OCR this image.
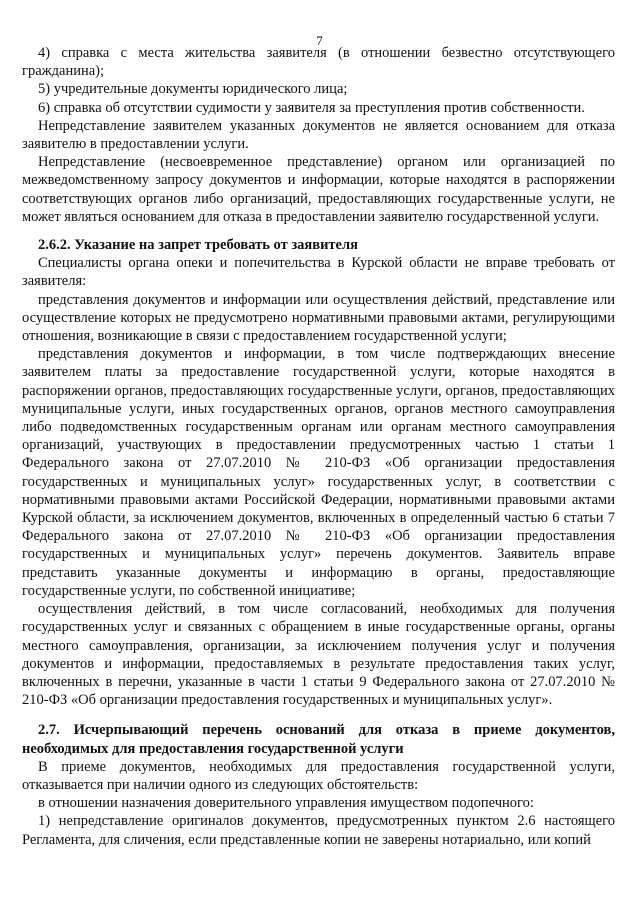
7

4) справка с места жительства заявителя (в отношении безвестно отсутствующего гражданина);

5) учредительные документы юридического лица;

6) справка об отсутствии судимости у заявителя за преступления против собственности.

Непредставление заявителем указанных документов не является основанием для отказа заявителю в предоставлении услуги.

Непредставление (несвоевременное представление) органом или организацией по межведомственному запросу документов и информации, которые находятся в распоряжении соответствующих органов либо организаций, предоставляющих государственные услуги, не может являться основанием для отказа в предоставлении заявителю государственной услуги.

2.6.2. Указание на запрет требовать от заявителя

Специалисты органа опеки и попечительства в Курской области не вправе требовать от заявителя:

представления документов и информации или осуществления действий, представление или осуществление которых не предусмотрено нормативными правовыми актами, регулирующими отношения, возникающие в связи с предоставлением государственной услуги;

представления документов и информации, в том числе подтверждающих внесение заявителем платы за предоставление государственной услуги, которые находятся в распоряжении органов, предоставляющих государственные услуги, органов, предоставляющих муниципальные услуги, иных государственных органов, органов местного самоуправления либо подведомственных государственным органам или органам местного самоуправления организаций, участвующих в предоставлении предусмотренных частью 1 статьи 1 Федерального закона от 27.07.2010 № 210-ФЗ «Об организации предоставления государственных и муниципальных услуг» государственных услуг, в соответствии с нормативными правовыми актами Российской Федерации, нормативными правовыми актами Курской области, за исключением документов, включенных в определенный частью 6 статьи 7 Федерального закона от 27.07.2010 № 210-ФЗ «Об организации предоставления государственных и муниципальных услуг» перечень документов. Заявитель вправе представить указанные документы и информацию в органы, предоставляющие государственные услуги, по собственной инициативе;

осуществления действий, в том числе согласований, необходимых для получения государственных услуг и связанных с обращением в иные государственные органы, органы местного самоуправления, организации, за исключением получения услуг и получения документов и информации, предоставляемых в результате предоставления таких услуг, включенных в перечни, указанные в части 1 статьи 9 Федерального закона от 27.07.2010 № 210-ФЗ «Об организации предоставления государственных и муниципальных услуг».

2.7. Исчерпывающий перечень оснований для отказа в приеме документов, необходимых для предоставления государственной услуги

В приеме документов, необходимых для предоставления государственной услуги, отказывается при наличии одного из следующих обстоятельств:

в отношении назначения доверительного управления имуществом подопечного:

1) непредставление оригиналов документов, предусмотренных пунктом 2.6 настоящего Регламента, для сличения, если представленные копии не заверены нотариально, или копий
